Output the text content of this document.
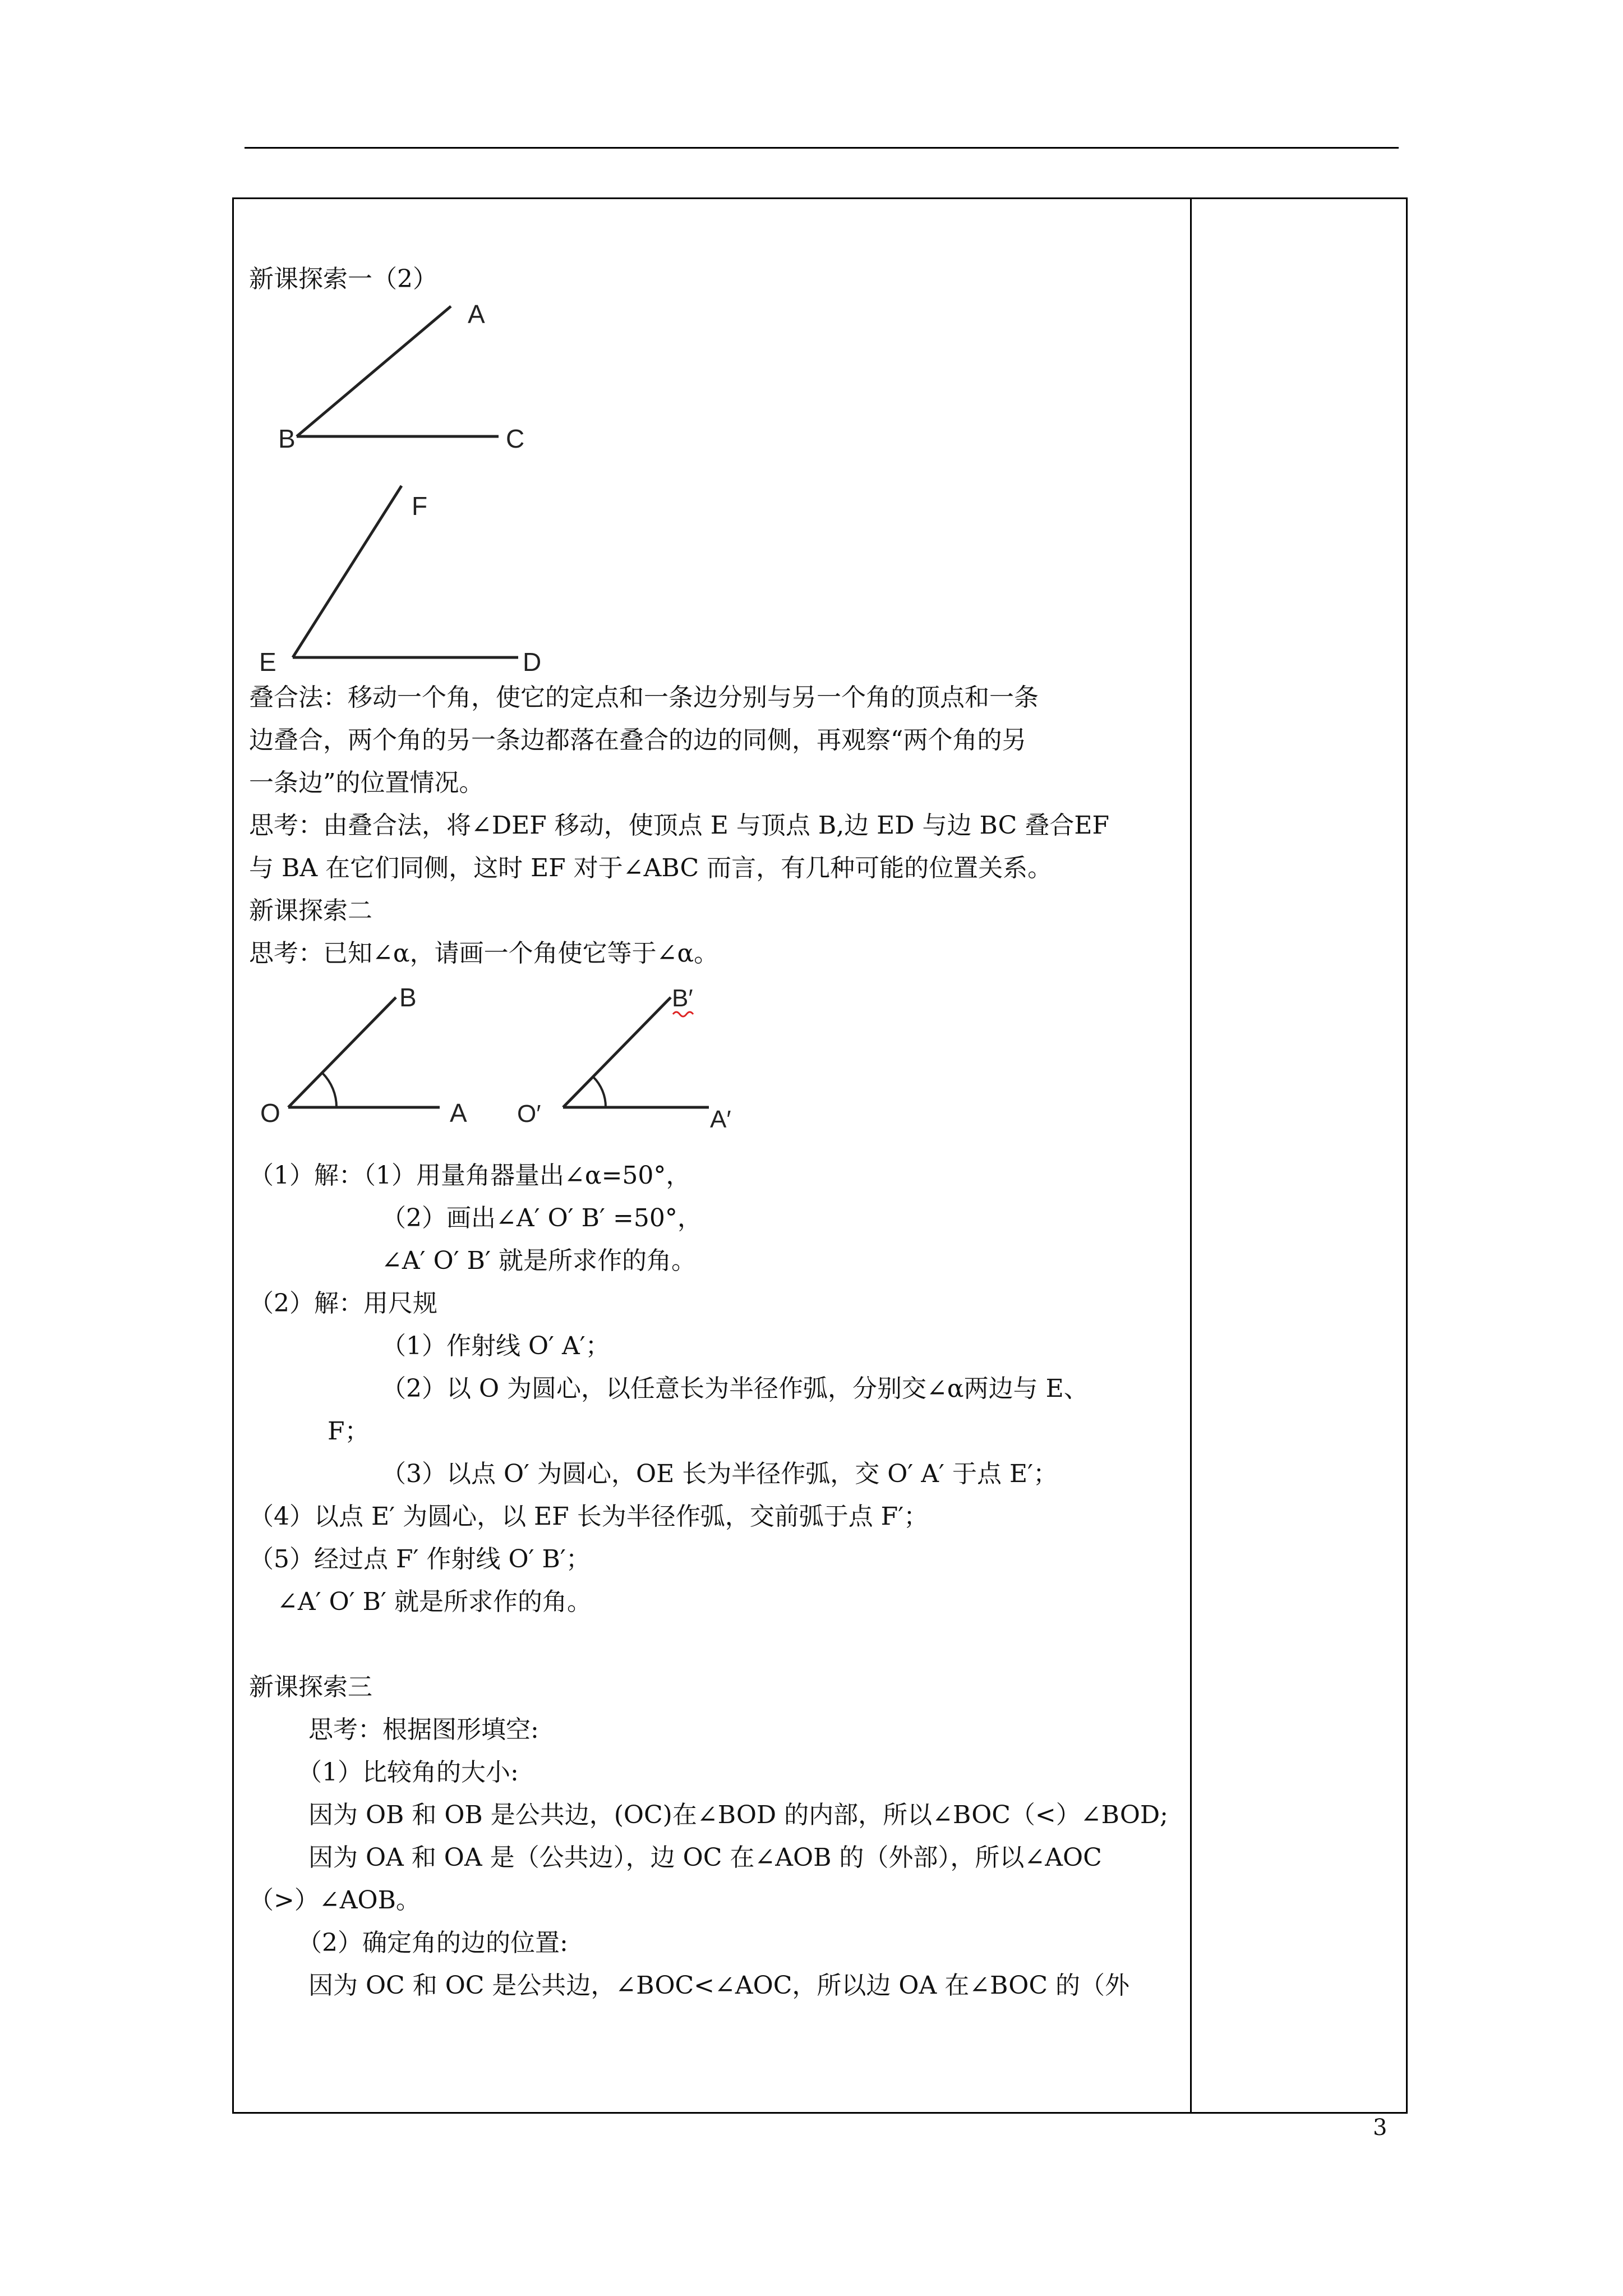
新课探索一（2）
A
B	C
F
E	D
叠合法：移动一个角，使它的定点和一条边分别与另一个角的顶点和一条
边叠合，两个角的另一条边都落在叠合的边的同侧，再观察“两个角的另
一条边”的位置情况。
思考：由叠合法，将∠DEF 移动，使顶点 E 与顶点 B,边 ED 与边 BC 叠合EF
与 BA 在它们同侧，这时 EF 对于∠ABC 而言，有几种可能的位置关系。
新课探索二
思考：已知∠α，请画一个角使它等于∠α。
O	A
B
O′	A′
B′
（1）解：（1）用量角器量出∠α=50°，
（2）画出∠A′ O′ B′ =50°，
∠A′ O′ B′ 就是所求作的角。
（2）解：用尺规
（1）作射线 O′ A′；
（2）以 O 为圆心，以任意长为半径作弧，分别交∠α两边与 E、
F；
（3）以点 O′ 为圆心，OE 长为半径作弧，交 O′ A′ 于点 E′；
（4）以点 E′ 为圆心，以 EF 长为半径作弧，交前弧于点 F′；
（5）经过点 F′ 作射线 O′ B′；
∠A′ O′ B′ 就是所求作的角。
新课探索三
思考：根据图形填空:
（1）比较角的大小:
因为 OB 和 OB 是公共边，(OC)在∠BOD 的内部，所以∠BOC（<）∠BOD;
因为 OA 和 OA 是（公共边），边 OC 在∠AOB 的（外部），所以∠AOC
（>）∠AOB。
（2）确定角的边的位置:
因为 OC 和 OC 是公共边，∠BOC<∠AOC，所以边 OA 在∠BOC 的（外
3
